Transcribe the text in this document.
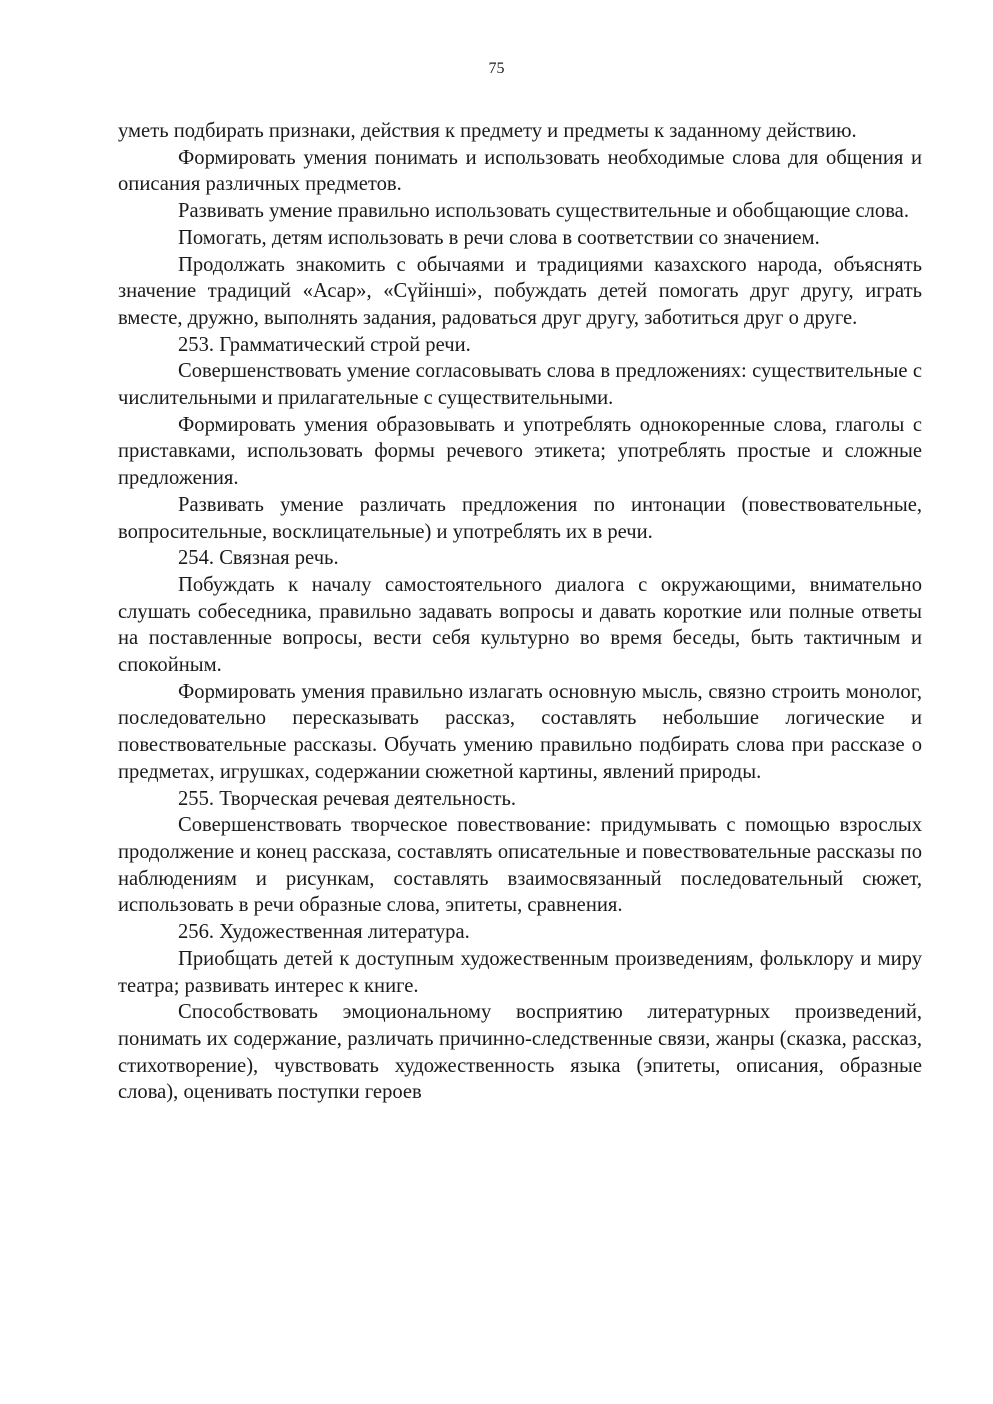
75

уметь подбирать признаки, действия к предмету и предметы к заданному действию.

Формировать умения понимать и использовать необходимые слова для общения и описания различных предметов.

Развивать умение правильно использовать существительные и обобщающие слова.

Помогать, детям использовать в речи слова в соответствии со значением.

Продолжать знакомить с обычаями и традициями казахского народа, объяснять значение традиций «Асар», «Сүйінші», побуждать детей помогать друг другу, играть вместе, дружно, выполнять задания, радоваться друг другу, заботиться друг о друге.

253. Грамматический строй речи.

Совершенствовать умение согласовывать слова в предложениях: существительные с числительными и прилагательные с существительными.

Формировать умения образовывать и употреблять однокоренные слова, глаголы с приставками, использовать формы речевого этикета; употреблять простые и сложные предложения.

Развивать умение различать предложения по интонации (повествовательные, вопросительные, восклицательные) и употреблять их в речи.

254. Связная речь.

Побуждать к началу самостоятельного диалога с окружающими, внимательно слушать собеседника, правильно задавать вопросы и давать короткие или полные ответы на поставленные вопросы, вести себя культурно во время беседы, быть тактичным и спокойным.

Формировать умения правильно излагать основную мысль, связно строить монолог, последовательно пересказывать рассказ, составлять небольшие логические и повествовательные рассказы. Обучать умению правильно подбирать слова при рассказе о предметах, игрушках, содержании сюжетной картины, явлений природы.

255. Творческая речевая деятельность.

Совершенствовать творческое повествование: придумывать с помощью взрослых продолжение и конец рассказа, составлять описательные и повествовательные рассказы по наблюдениям и рисункам, составлять взаимосвязанный последовательный сюжет, использовать в речи образные слова, эпитеты, сравнения.

256. Художественная литература.

Приобщать детей к доступным художественным произведениям, фольклору и миру театра; развивать интерес к книге.

Способствовать эмоциональному восприятию литературных произведений, понимать их содержание, различать причинно-следственные связи, жанры (сказка, рассказ, стихотворение), чувствовать художественность языка (эпитеты, описания, образные слова), оценивать поступки героев
